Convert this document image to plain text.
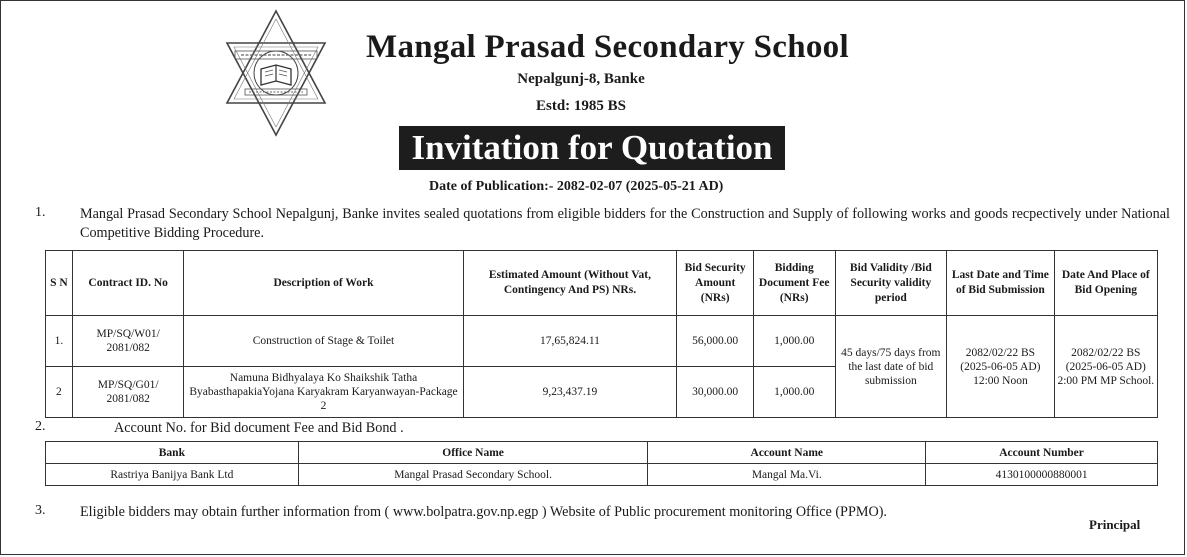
Mangal Prasad Secondary School
Nepalgunj-8, Banke
Estd: 1985 BS
Invitation for Quotation
Date of Publication:- 2082-02-07 (2025-05-21 AD)
1. Mangal Prasad Secondary School Nepalgunj, Banke invites sealed quotations from eligible bidders for the Construction and Supply of following works and goods recpectively under National Competitive Bidding Procedure.
S N	Contract ID. No	Description of Work	Estimated Amount (Without Vat, Contingency And PS) NRs.	Bid Security Amount (NRs)	Bidding Document Fee (NRs)	Bid Validity /Bid Security validity period	Last Date and Time of Bid Submission	Date And Place of Bid Opening
1.	MP/SQ/W01/ 2081/082	Construction of Stage & Toilet	17,65,824.11	56,000.00	1,000.00	45 days/75 days from the last date of bid submission	2082/02/22 BS (2025-06-05 AD) 12:00 Noon	2082/02/22 BS (2025-06-05 AD) 2:00 PM MP School.
2	MP/SQ/G01/ 2081/082	Namuna Bidhyalaya Ko Shaikshik Tatha ByabasthapakiaYojana Karyakram Karyanwayan-Package 2	9,23,437.19	30,000.00	1,000.00			
2.	Account No. for Bid document Fee and Bid Bond .
Bank	Office Name	Account Name	Account Number
Rastriya Banijya Bank Ltd	Mangal Prasad Secondary School.	Mangal Ma.Vi.	4130100000880001
3. Eligible bidders may obtain further information from ( www.bolpatra.gov.np.egp ) Website of Public procurement monitoring Office (PPMO).
Principal
